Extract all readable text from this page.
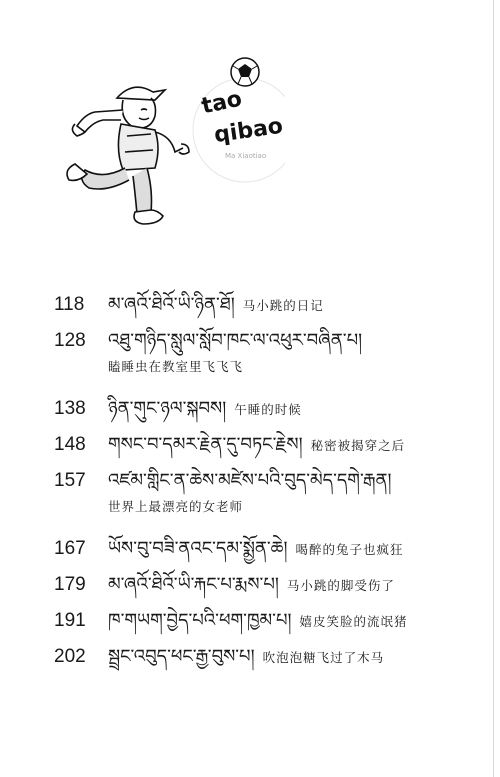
tao
qibao
Ma Xiaotiao
118	མ་ཞའོ་ཐིའོ་ཡི་ཉིན་ཐོ། 马小跳的日记
128	འཐུ་གཉིད་སླུལ་སློབ་ཁང་ལ་འཕུར་བཞིན་པ།
瞌睡虫在教室里飞飞飞
138	ཉིན་གུང་ཉལ་སྐབས། 午睡的时候
148	གསང་བ་དམར་རྗེན་དུ་བཏང་རྗེས། 秘密被揭穿之后
157	འཛམ་གླིང་ན་ཆེས་མཛེས་པའི་བུད་མེད་དགེ་རྒན།
世界上最漂亮的女老师
167	ཡོས་བུ་བཟི་ནའང་དམ་སྨྱོན་ཆེ། 喝醉的兔子也疯狂
179	མ་ཞའོ་ཐིའོ་ཡི་རྐང་པ་རྨས་པ། 马小跳的脚受伤了
191	ཁ་གཡག་བྱེད་པའི་ཕག་ཁྱམ་པ། 嬉皮笑脸的流氓猪
202	སྦྲང་འབུད་ཕང་རྒྱ་བུས་པ། 吹泡泡糖飞过了木马
